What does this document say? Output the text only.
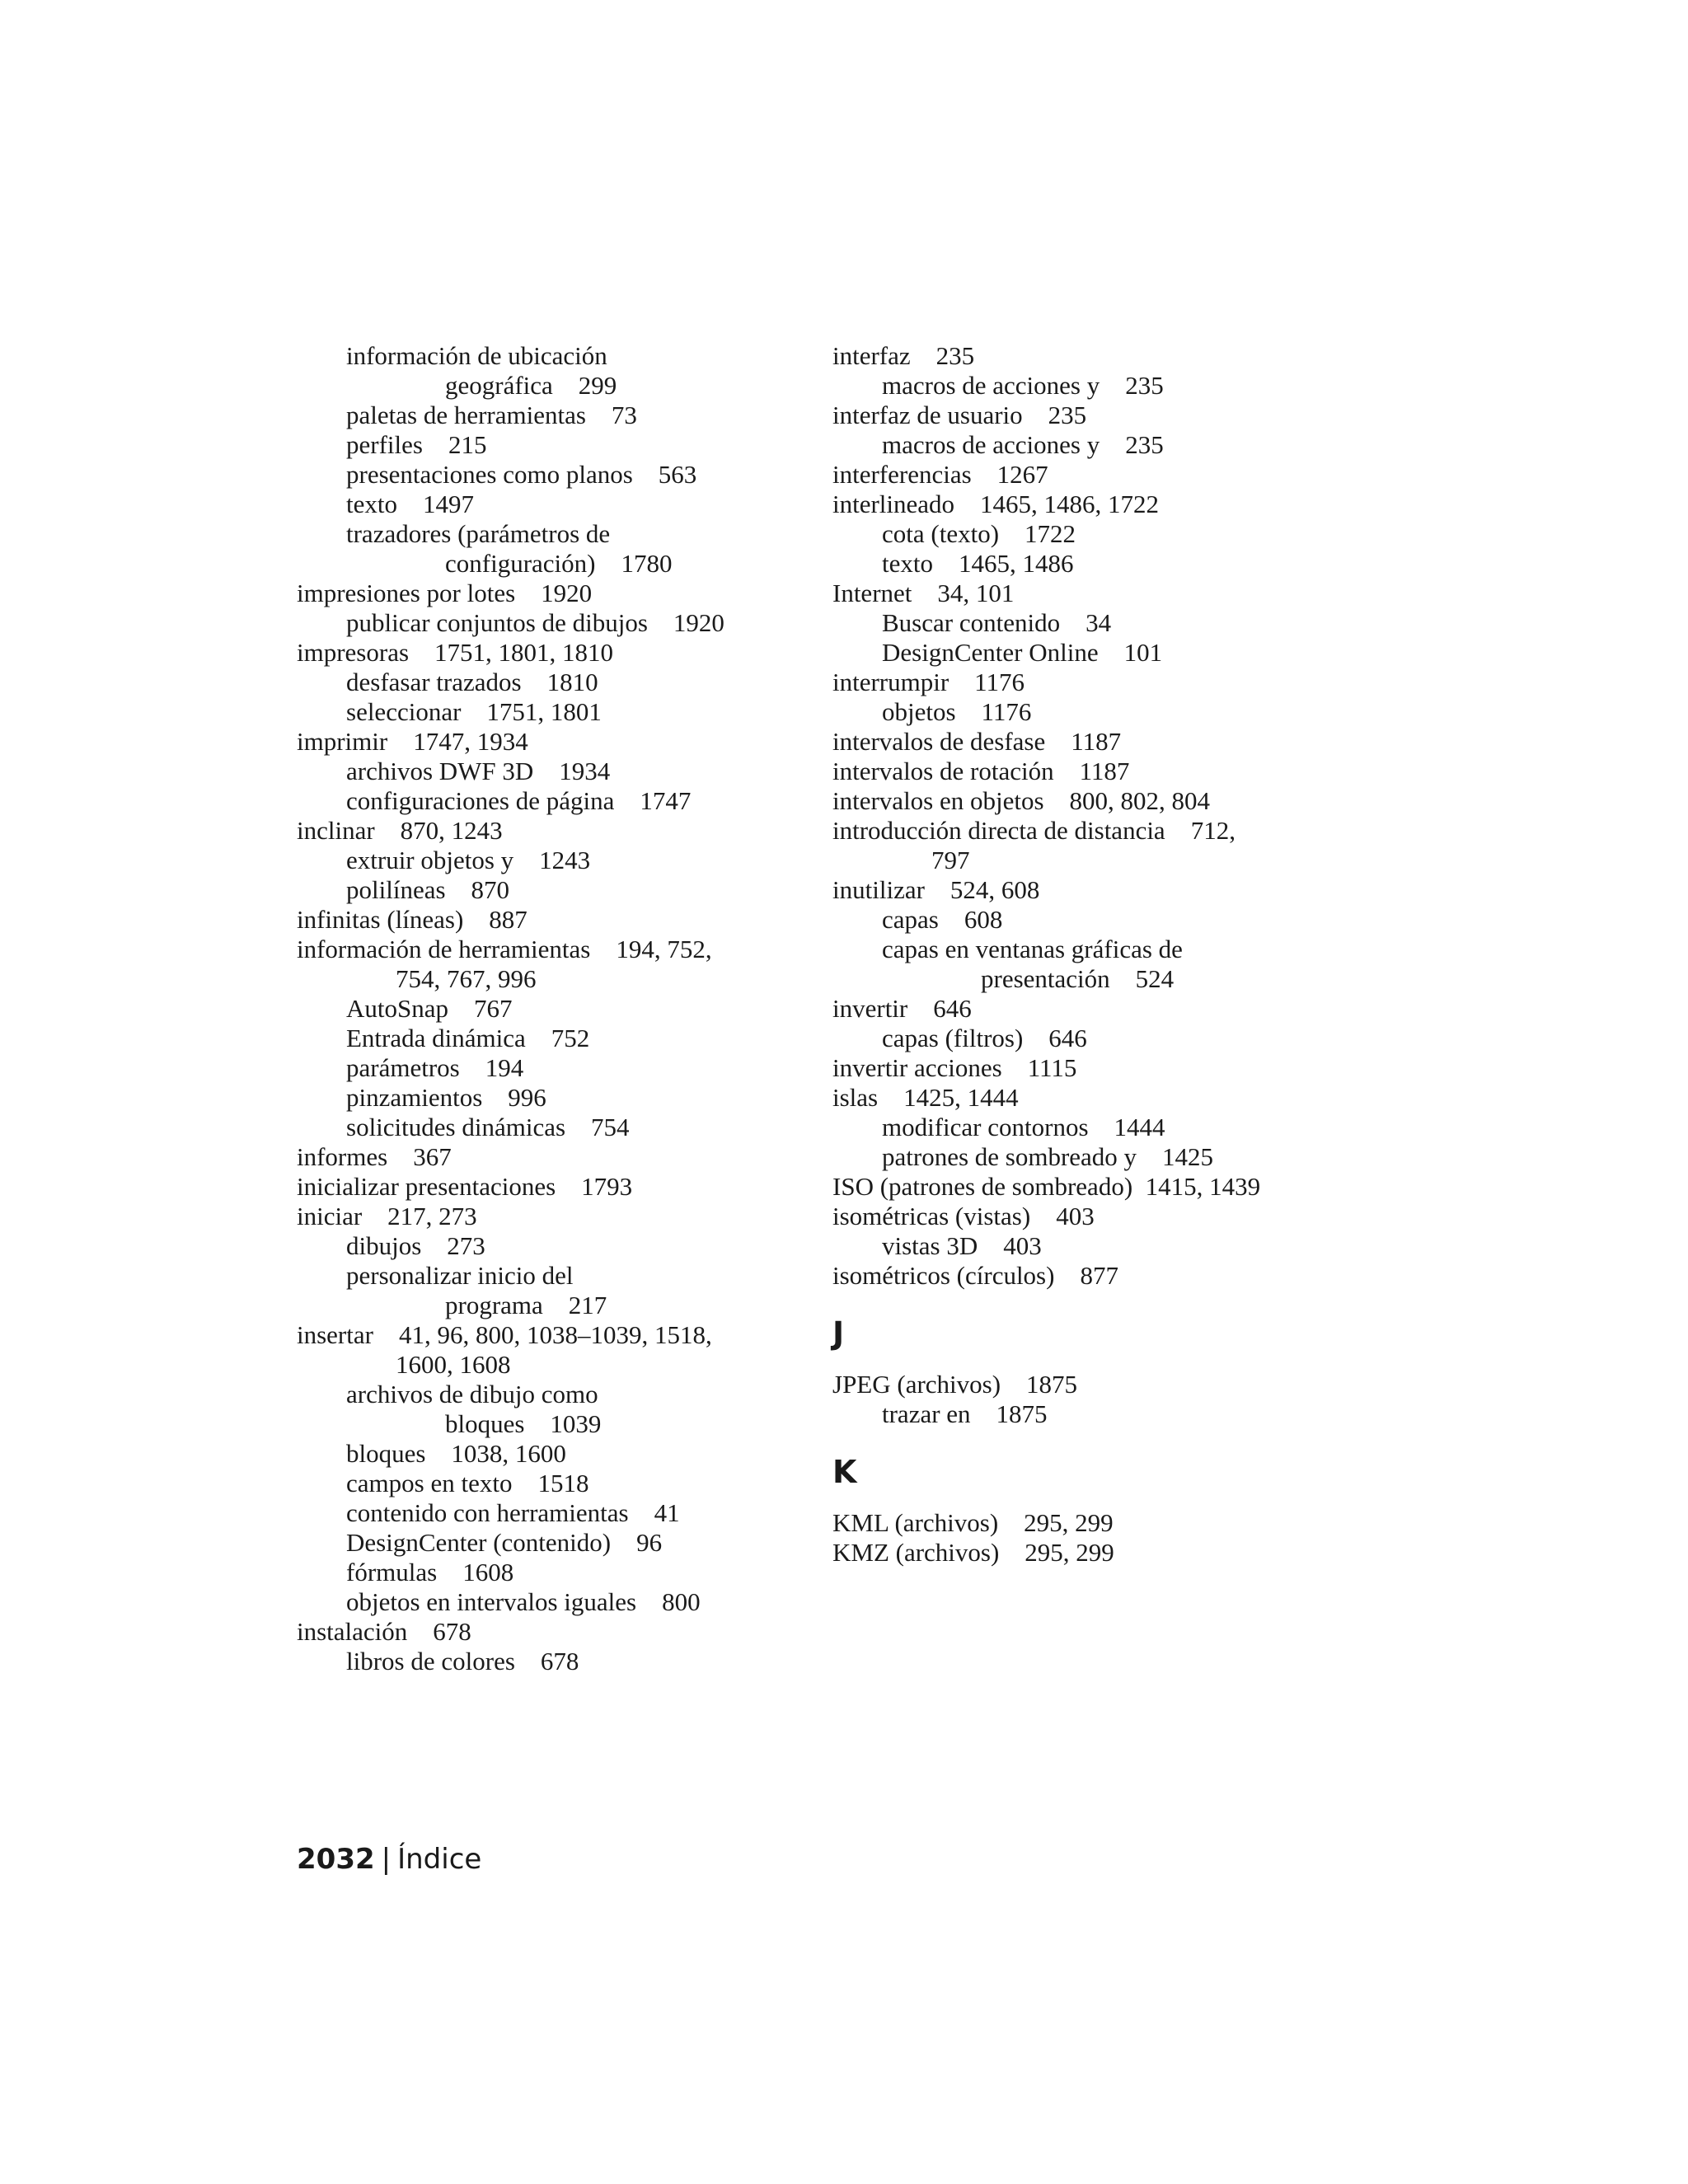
información de ubicación
geográfica    299
paletas de herramientas    73
perfiles    215
presentaciones como planos    563
texto    1497
trazadores (parámetros de
configuración)    1780
impresiones por lotes    1920
publicar conjuntos de dibujos    1920
impresoras    1751, 1801, 1810
desfasar trazados    1810
seleccionar    1751, 1801
imprimir    1747, 1934
archivos DWF 3D    1934
configuraciones de página    1747
inclinar    870, 1243
extruir objetos y    1243
polilíneas    870
infinitas (líneas)    887
información de herramientas    194, 752,
754, 767, 996
AutoSnap    767
Entrada dinámica    752
parámetros    194
pinzamientos    996
solicitudes dinámicas    754
informes    367
inicializar presentaciones    1793
iniciar    217, 273
dibujos    273
personalizar inicio del
programa    217
insertar    41, 96, 800, 1038–1039, 1518,
1600, 1608
archivos de dibujo como
bloques    1039
bloques    1038, 1600
campos en texto    1518
contenido con herramientas    41
DesignCenter (contenido)    96
fórmulas    1608
objetos en intervalos iguales    800
instalación    678
libros de colores    678
interfaz    235
macros de acciones y    235
interfaz de usuario    235
macros de acciones y    235
interferencias    1267
interlineado    1465, 1486, 1722
cota (texto)    1722
texto    1465, 1486
Internet    34, 101
Buscar contenido    34
DesignCenter Online    101
interrumpir    1176
objetos    1176
intervalos de desfase    1187
intervalos de rotación    1187
intervalos en objetos    800, 802, 804
introducción directa de distancia    712,
797
inutilizar    524, 608
capas    608
capas en ventanas gráficas de
presentación    524
invertir    646
capas (filtros)    646
invertir acciones    1115
islas    1425, 1444
modificar contornos    1444
patrones de sombreado y    1425
ISO (patrones de sombreado)  1415, 1439
isométricas (vistas)    403
vistas 3D    403
isométricos (círculos)    877
J
JPEG (archivos)    1875
trazar en    1875
K
KML (archivos)    295, 299
KMZ (archivos)    295, 299
2032 | Índice
